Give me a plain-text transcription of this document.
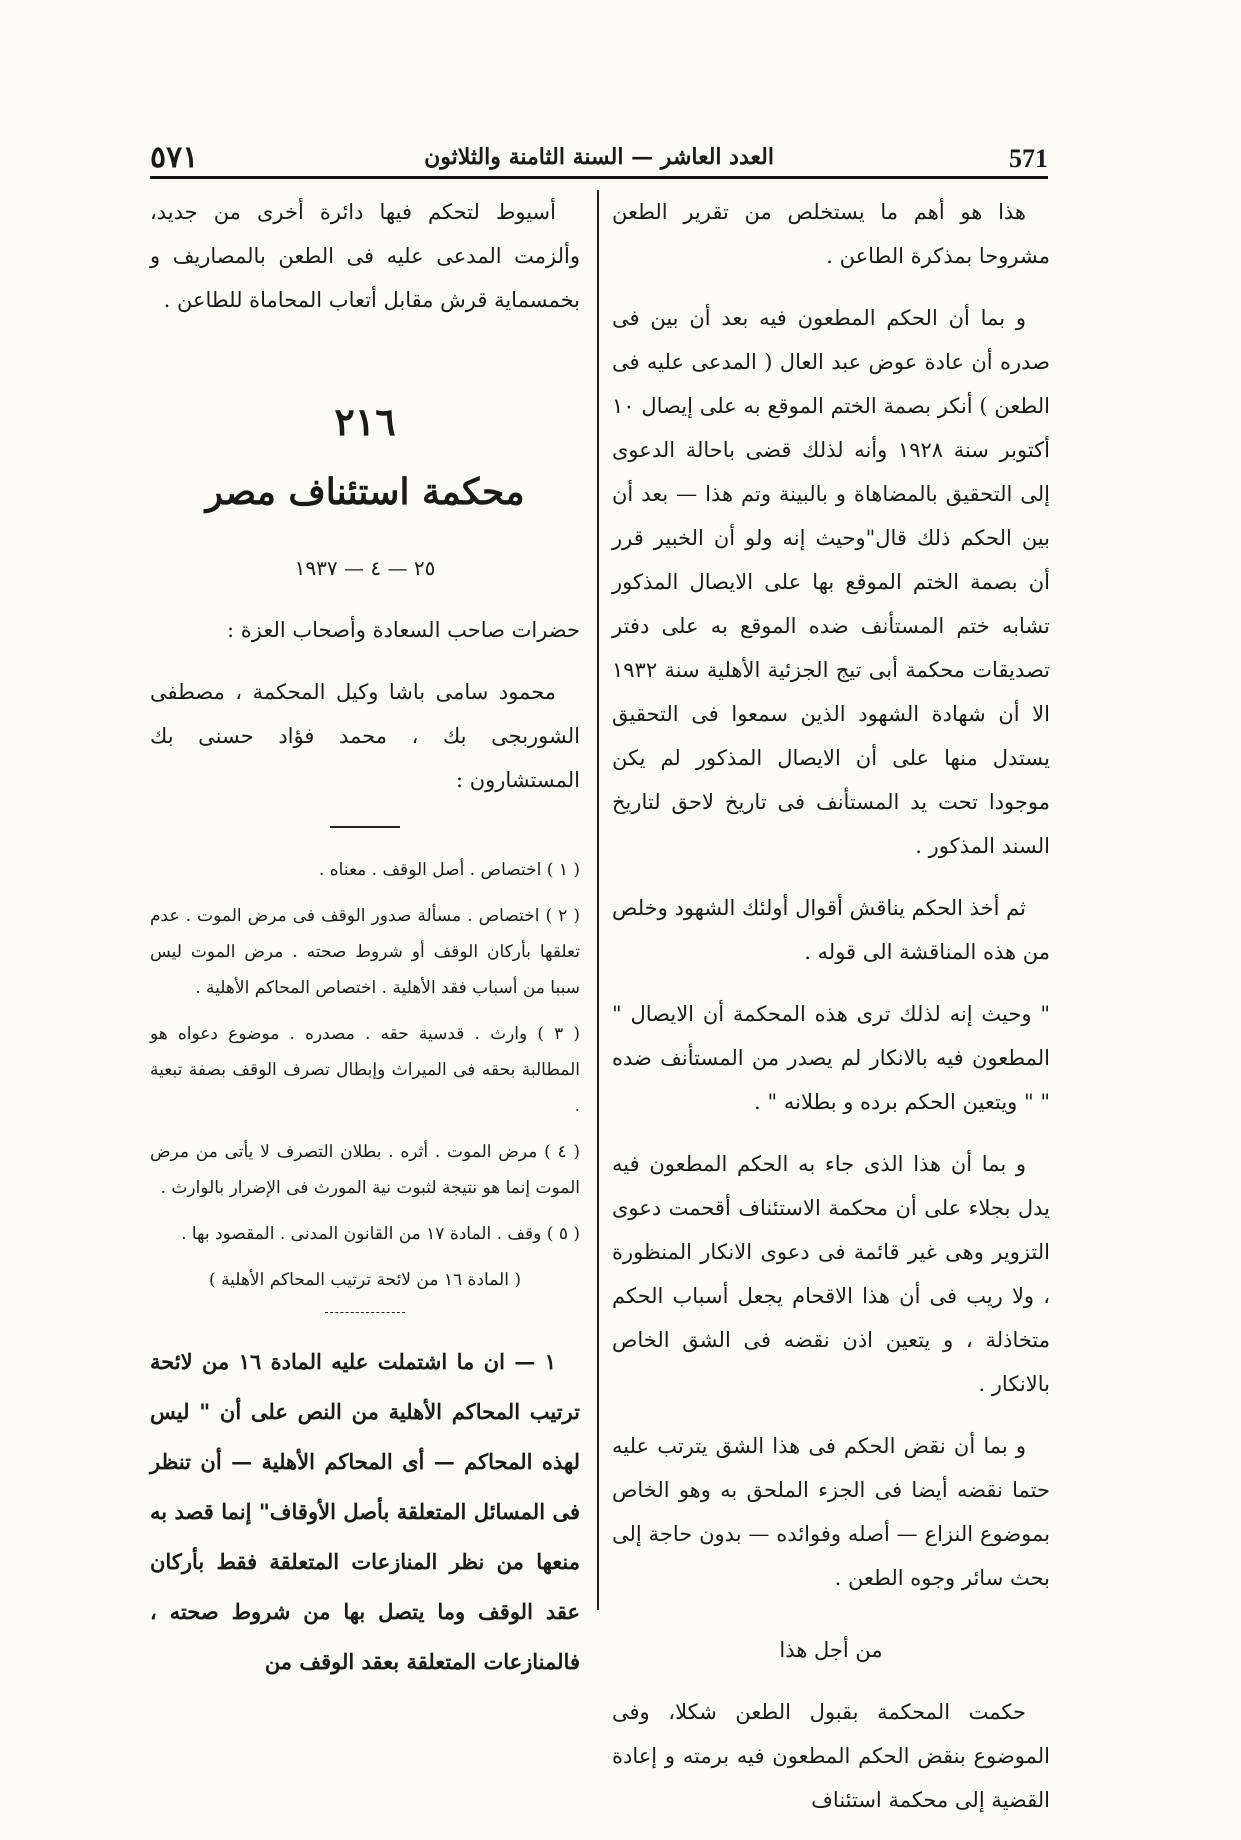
571
العدد العاشر — السنة الثامنة والثلاثون
٥٧١

هذا هو أهم ما يستخلص من تقرير الطعن مشروحا بمذكرة الطاعن .

و بما أن الحكم المطعون فيه بعد أن بين فى صدره أن عادة عوض عبد العال ( المدعى عليه فى الطعن ) أنكر بصمة الختم الموقع به على إيصال ١٠ أكتوبر سنة ١٩٢٨ وأنه لذلك قضى باحالة الدعوى إلى التحقيق بالمضاهاة و بالبينة وتم هذا — بعد أن بين الحكم ذلك قال"وحيث إنه ولو أن الخبير قرر أن بصمة الختم الموقع بها على الايصال المذكور تشابه ختم المستأنف ضده الموقع به على دفتر تصديقات محكمة أبى تيج الجزئية الأهلية سنة ١٩٣٢ الا أن شهادة الشهود الذين سمعوا فى التحقيق يستدل منها على أن الايصال المذكور لم يكن موجودا تحت يد المستأنف فى تاريخ لاحق لتاريخ السند المذكور .

ثم أخذ الحكم يناقش أقوال أولئك الشهود وخلص من هذه المناقشة الى قوله .

" وحيث إنه لذلك ترى هذه المحكمة أن الايصال " المطعون فيه بالانكار لم يصدر من المستأنف ضده " " ويتعين الحكم برده و بطلانه " .

و بما أن هذا الذى جاء به الحكم المطعون فيه يدل بجلاء على أن محكمة الاستئناف أقحمت دعوى التزوير وهى غير قائمة فى دعوى الانكار المنظورة ، ولا ريب فى أن هذا الاقحام يجعل أسباب الحكم متخاذلة ، و يتعين اذن نقضه فى الشق الخاص بالانكار .

و بما أن نقض الحكم فى هذا الشق يترتب عليه حتما نقضه أيضا فى الجزء الملحق به وهو الخاص بموضوع النزاع — أصله وفوائده — بدون حاجة إلى بحث سائر وجوه الطعن .

من أجل هذا

حكمت المحكمة بقبول الطعن شكلا، وفى الموضوع بنقض الحكم المطعون فيه برمته و إعادة القضية إلى محكمة استئناف

أسيوط لتحكم فيها دائرة أخرى من جديد، وألزمت المدعى عليه فى الطعن بالمصاريف و بخمسماية قرش مقابل أتعاب المحاماة للطاعن .

٢١٦
محكمة استئناف مصر
٢٥ — ٤ — ١٩٣٧

حضرات صاحب السعادة وأصحاب العزة :

محمود سامى باشا وكيل المحكمة ، مصطفى الشوربجى بك ، محمد فؤاد حسنى بك المستشارون :

( ١ ) اختصاص . أصل الوقف . معناه .

( ٢ ) اختصاص . مسألة صدور الوقف فى مرض الموت . عدم تعلقها بأركان الوقف أو شروط صحته . مرض الموت ليس سببا من أسباب فقد الأهلية . اختصاص المحاكم الأهلية .

( ٣ ) وارث . قدسية حقه . مصدره . موضوع دعواه هو المطالبة بحقه فى الميراث وإبطال تصرف الوقف بصفة تبعية .

( ٤ ) مرض الموت . أثره . بطلان التصرف لا يأتى من مرض الموت إنما هو نتيجة لثبوت نية المورث فى الإضرار بالوارث .

( ٥ ) وقف . المادة ١٧ من القانون المدنى . المقصود بها .

( المادة ١٦ من لائحة ترتيب المحاكم الأهلية )

١ — ان ما اشتملت عليه المادة ١٦ من لائحة ترتيب المحاكم الأهلية من النص على أن " ليس لهذه المحاكم — أى المحاكم الأهلية — أن تنظر فى المسائل المتعلقة بأصل الأوقاف" إنما قصد به منعها من نظر المنازعات المتعلقة فقط بأركان عقد الوقف وما يتصل بها من شروط صحته ، فالمنازعات المتعلقة بعقد الوقف من
